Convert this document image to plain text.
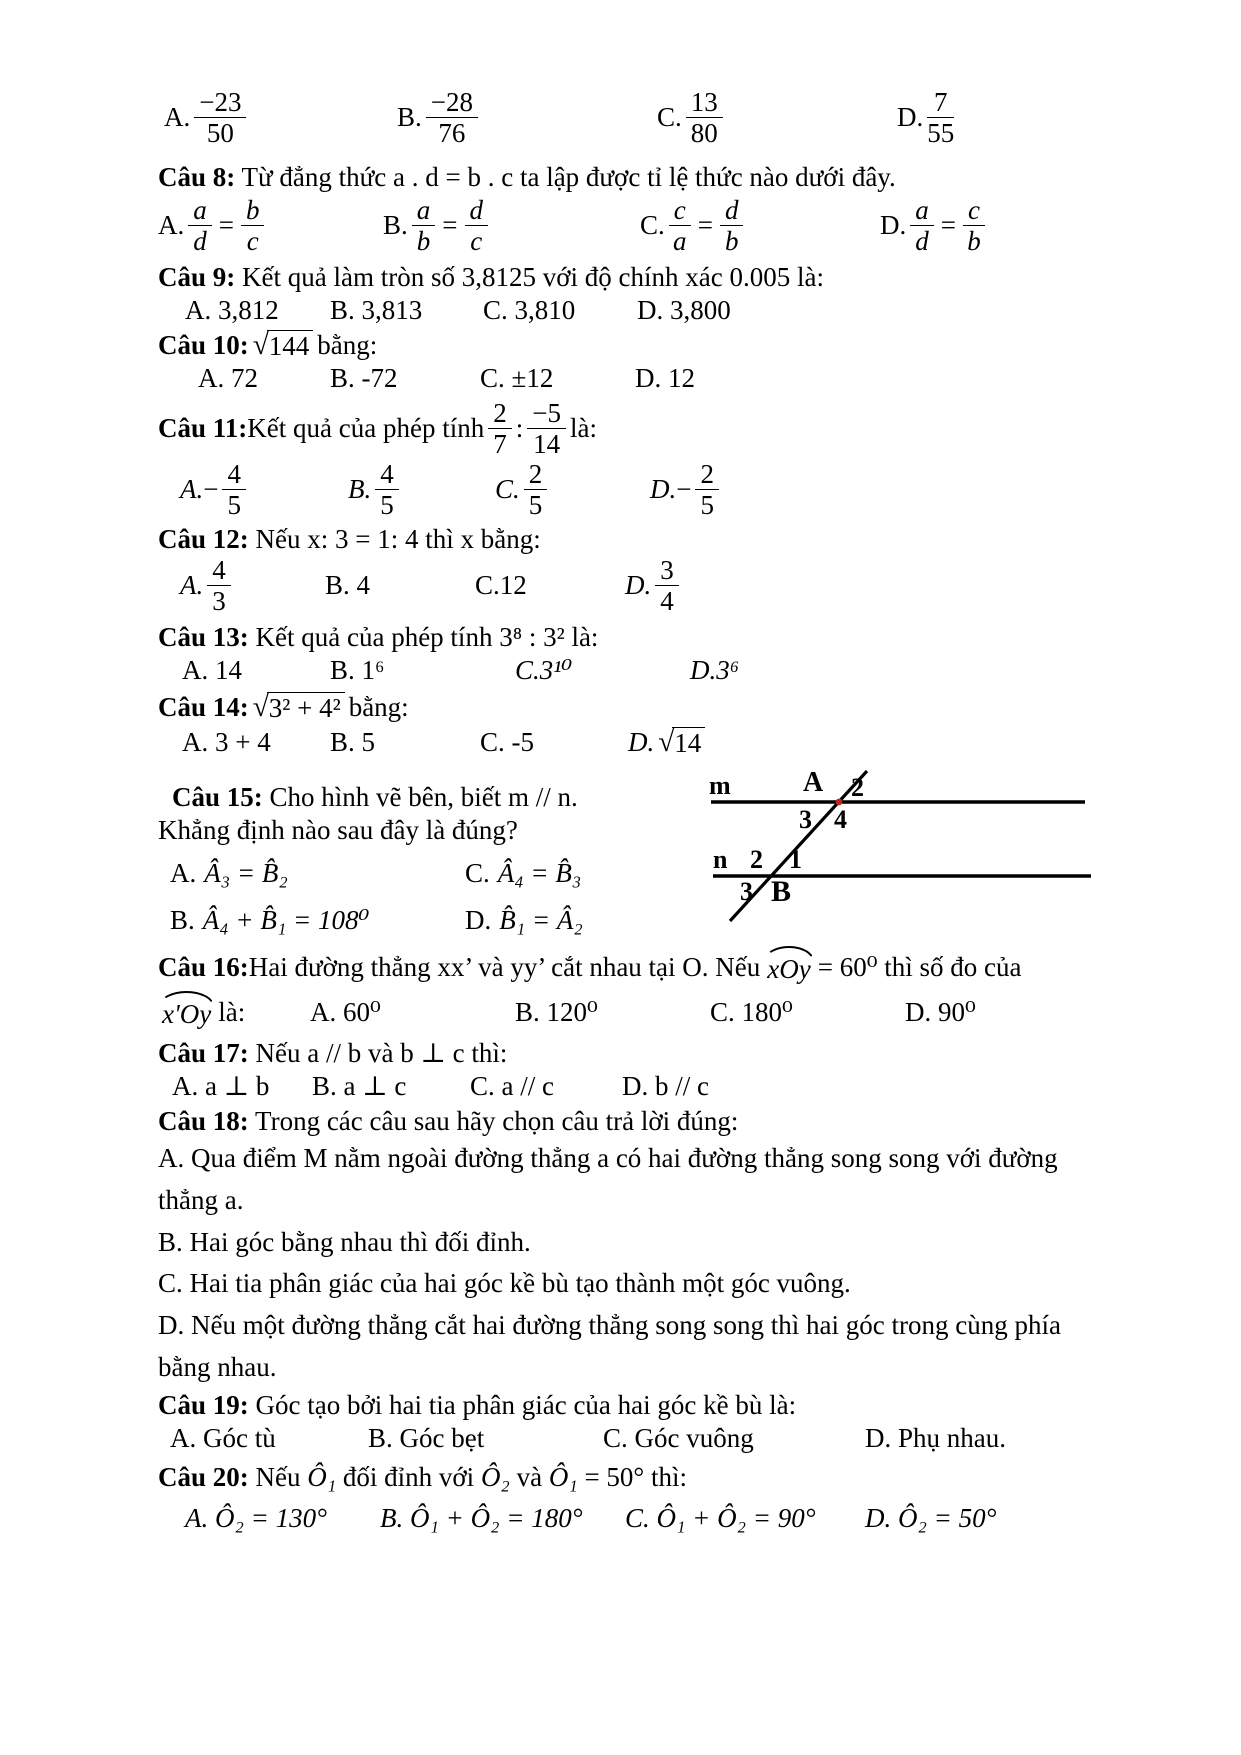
A. $\frac{-23}{50}$	B. $\frac{-28}{76}$	C. $\frac{13}{80}$	D. $\frac{7}{55}$

Câu 8: Từ đẳng thức a . d = b . c ta lập được tỉ lệ thức nào dưới đây.

A. $\frac{a}{d} = \frac{b}{c}$	B. $\frac{a}{b} = \frac{d}{c}$	C. $\frac{c}{a} = \frac{d}{b}$	D. $\frac{a}{d} = \frac{c}{b}$

Câu 9: Kết quả làm tròn số 3,8125 với độ chính xác 0.005 là:

A. 3,812	B. 3,813	C. 3,810	D. 3,800

Câu 10: √ 144 bằng:

A. 72	B. -72	C. ±12	D. 12
Câu 11: Kết quả của phép tính $\frac{2}{7}$ : $\frac{-5}{14}$ là:
A. − $\frac{4}{5}$	B. $\frac{4}{5}$	C. $\frac{2}{5}$	D. − $\frac{2}{5}$

Câu 12: Nếu x: 3 = 1: 4 thì x bằng:

A. $\frac{4}{3}$	B. 4	C.12	D. $\frac{3}{4}$

Câu 13: Kết quả của phép tính 3⁸ : 3² là:

A. 14	B. 1⁶	C.3¹⁰	D.3⁶

Câu 14: √ 3² + 4² bằng:

A. 3 + 4	B. 5	C. -5	D. √ 14

Câu 15: Cho hình vẽ bên, biết m // n.

Khẳng định nào sau đây là đúng?

A. Â₃ = B̂₂	C. Â₄ = B̂₃
B. Â₄ + B̂₁ = 108⁰	D. B̂₁ = Â₂
m	A 2
3 4
n 2 1
3 B
Câu 16: Hai đường thẳng xx’ và yy’ cắt nhau tại O. Nếu xOy = 60⁰ thì số đo của
x'Oy là: A. 60⁰	B. 120⁰	C. 180⁰	D. 90⁰

Câu 17: Nếu a // b và b ⊥ c thì:

A. a ⊥ b	B. a ⊥ c	C. a // c	D. b // c

Câu 18: Trong các câu sau hãy chọn câu trả lời đúng:

A. Qua điểm M nằm ngoài đường thẳng a có hai đường thẳng song song với đường thẳng a.

B. Hai góc bằng nhau thì đối đỉnh.

C. Hai tia phân giác của hai góc kề bù tạo thành một góc vuông.

D. Nếu một đường thẳng cắt hai đường thẳng song song thì hai góc trong cùng phía bằng nhau.

Câu 19: Góc tạo bởi hai tia phân giác của hai góc kề bù là:

A. Góc tù	B. Góc bẹt	C. Góc vuông	D. Phụ nhau.

Câu 20: Nếu Ô₁ đối đỉnh với Ô₂ và Ô₁ = 50° thì:

A. Ô₂ = 130°	B. Ô₁ + Ô₂ = 180°	C. Ô₁ + Ô₂ = 90°	D. Ô₂ = 50°
